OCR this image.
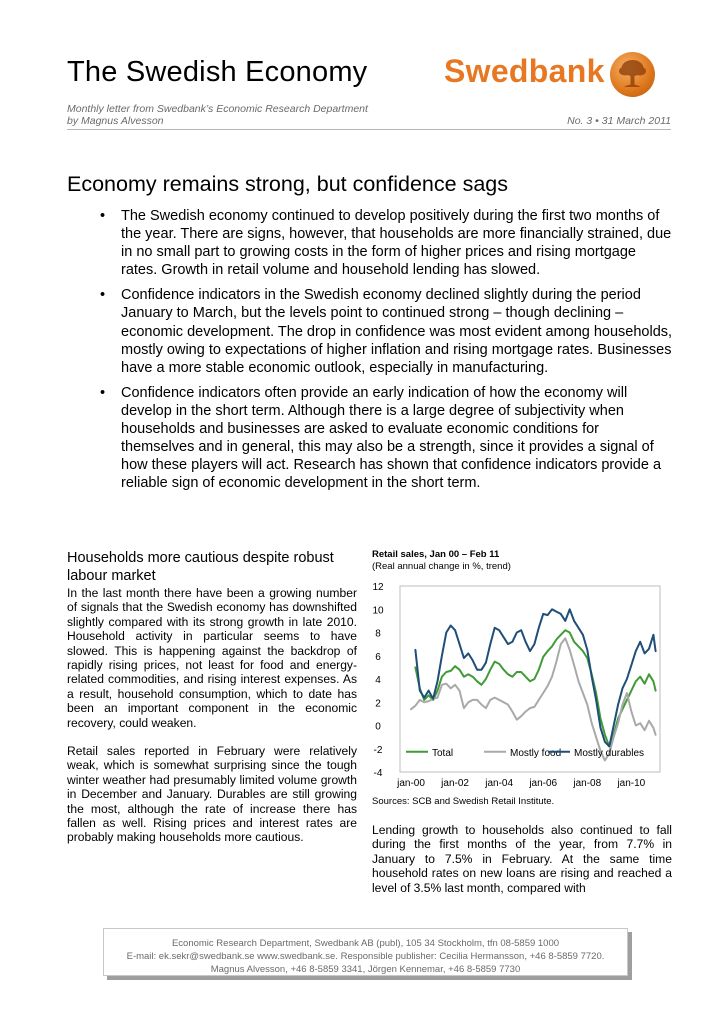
The Swedish Economy Swedbank
Monthly letter from Swedbank’s Economic Research Department
by Magnus Alvesson	No. 3 • 31 March 2011
Economy remains strong, but confidence sags
• The Swedish economy continued to develop positively during the first two months of the year. There are signs, however, that households are more financially strained, due in no small part to growing costs in the form of higher prices and rising mortgage rates. Growth in retail volume and household lending has slowed.
• Confidence indicators in the Swedish economy declined slightly during the period January to March, but the levels point to continued strong – though declining – economic development. The drop in confidence was most evident among households, mostly owing to expectations of higher inflation and rising mortgage rates. Businesses have a more stable economic outlook, especially in manufacturing.
• Confidence indicators often provide an early indication of how the economy will develop in the short term. Although there is a large degree of subjectivity when households and businesses are asked to evaluate economic conditions for themselves and in general, this may also be a strength, since it provides a signal of how these players will act. Research has shown that confidence indicators provide a reliable sign of economic development in the short term.
Households more cautious despite robust labour market
In the last month there have been a growing number of signals that the Swedish economy has downshifted slightly compared with its strong growth in late 2010. Household activity in particular seems to have slowed. This is happening against the backdrop of rapidly rising prices, not least for food and energy-related commodities, and rising interest expenses. As a result, household consumption, which to date has been an important component in the economic recovery, could weaken.
Retail sales reported in February were relatively weak, which is somewhat surprising since the tough winter weather had presumably limited volume growth in December and January. Durables are still growing the most, although the rate of increase there has fallen as well. Rising prices and interest rates are probably making households more cautious.
Retail sales, Jan 00 – Feb 11
(Real annual change in %, trend)
12
10
8
6
4
2
0
-2
-4
jan-00 jan-02 jan-04 jan-06 jan-08 jan-10
Total	Mostly food Mostly durables
Sources: SCB and Swedish Retail Institute.
Lending growth to households also continued to fall during the first months of the year, from 7.7% in January to 7.5% in February. At the same time household rates on new loans are rising and reached a level of 3.5% last month, compared with
Economic Research Department, Swedbank AB (publ), 105 34 Stockholm, tfn 08-5859 1000
E-mail: ek.sekr@swedbank.se www.swedbank.se. Responsible publisher: Cecilia Hermansson, +46 8-5859 7720.
Magnus Alvesson, +46 8-5859 3341, Jörgen Kennemar, +46 8-5859 7730
